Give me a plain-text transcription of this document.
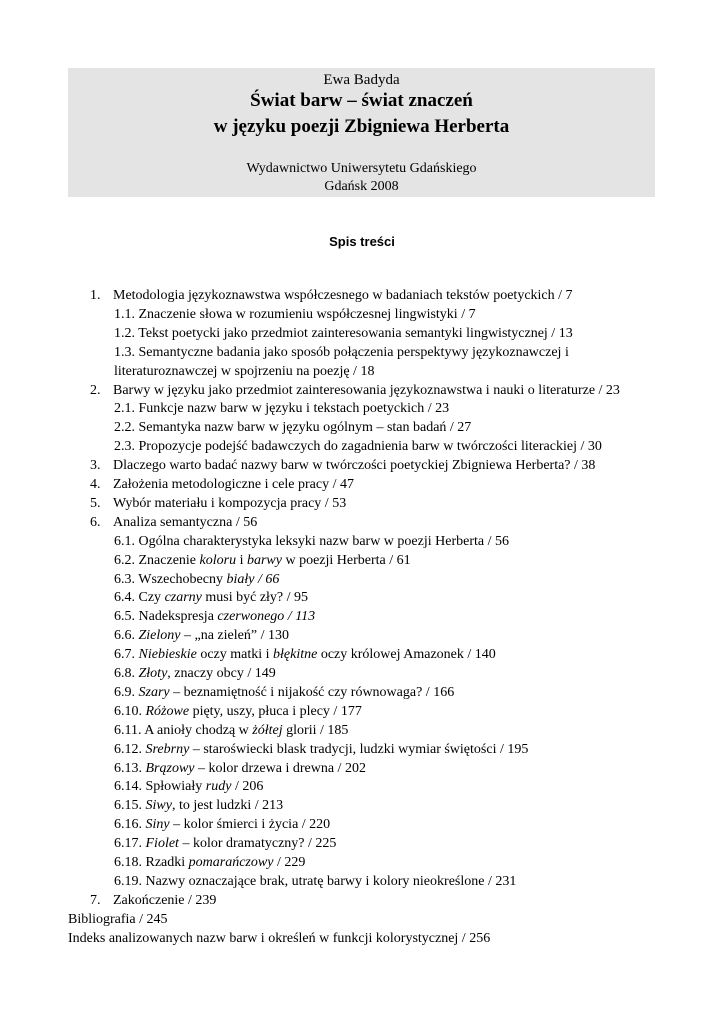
Ewa Badyda
Świat barw – świat znaczeń
w języku poezji Zbigniewa Herberta
Wydawnictwo Uniwersytetu Gdańskiego
Gdańsk 2008
Spis treści
1. Metodologia językoznawstwa współczesnego w badaniach tekstów poetyckich / 7
1.1. Znaczenie słowa w rozumieniu współczesnej lingwistyki / 7
1.2. Tekst poetycki jako przedmiot zainteresowania semantyki lingwistycznej / 13
1.3. Semantyczne badania jako sposób połączenia perspektywy językoznawczej i
literaturoznawczej w spojrzeniu na poezję / 18
2. Barwy w języku jako przedmiot zainteresowania językoznawstwa i nauki o literaturze / 23
2.1. Funkcje nazw barw w języku i tekstach poetyckich / 23
2.2. Semantyka nazw barw w języku ogólnym – stan badań / 27
2.3. Propozycje podejść badawczych do zagadnienia barw w twórczości literackiej / 30
3. Dlaczego warto badać nazwy barw w twórczości poetyckiej Zbigniewa Herberta? / 38
4. Założenia metodologiczne i cele pracy / 47
5. Wybór materiału i kompozycja pracy / 53
6. Analiza semantyczna / 56
6.1. Ogólna charakterystyka leksyki nazw barw w poezji Herberta / 56
6.2. Znaczenie koloru i barwy w poezji Herberta / 61
6.3. Wszechobecny biały / 66
6.4. Czy czarny musi być zły? / 95
6.5. Nadekspresja czerwonego / 113
6.6. Zielony – „na zieleń” / 130
6.7. Niebieskie oczy matki i błękitne oczy królowej Amazonek / 140
6.8. Złoty, znaczy obcy / 149
6.9. Szary – beznamiętność i nijakość czy równowaga? / 166
6.10. Różowe pięty, uszy, płuca i plecy / 177
6.11. A anioły chodzą w żółtej glorii / 185
6.12. Srebrny – staroświecki blask tradycji, ludzki wymiar świętości / 195
6.13. Brązowy – kolor drzewa i drewna / 202
6.14. Spłowiały rudy / 206
6.15. Siwy, to jest ludzki / 213
6.16. Siny – kolor śmierci i życia / 220
6.17. Fiolet – kolor dramatyczny? / 225
6.18. Rzadki pomarańczowy / 229
6.19. Nazwy oznaczające brak, utratę barwy i kolory nieokreślone / 231
7. Zakończenie / 239
Bibliografia / 245
Indeks analizowanych nazw barw i określeń w funkcji kolorystycznej / 256
